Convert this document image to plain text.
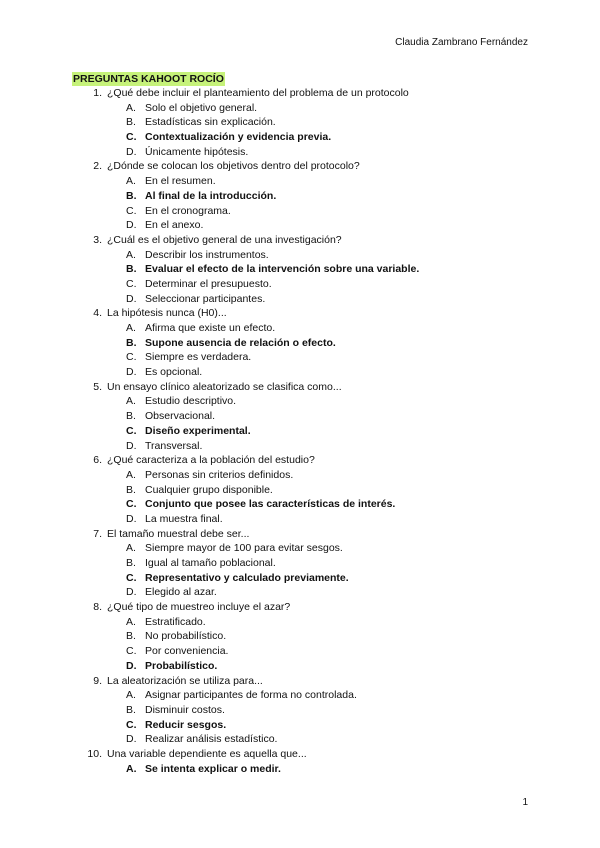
Claudia Zambrano Fernández
PREGUNTAS KAHOOT ROCÍO
1. ¿Qué debe incluir el planteamiento del problema de un protocolo
A. Solo el objetivo general.
B. Estadísticas sin explicación.
C. Contextualización y evidencia previa.
D. Únicamente hipótesis.
2. ¿Dónde se colocan los objetivos dentro del protocolo?
A. En el resumen.
B. Al final de la introducción.
C. En el cronograma.
D. En el anexo.
3. ¿Cuál es el objetivo general de una investigación?
A. Describir los instrumentos.
B. Evaluar el efecto de la intervención sobre una variable.
C. Determinar el presupuesto.
D. Seleccionar participantes.
4. La hipótesis nunca (H0)...
A. Afirma que existe un efecto.
B. Supone ausencia de relación o efecto.
C. Siempre es verdadera.
D. Es opcional.
5. Un ensayo clínico aleatorizado se clasifica como...
A. Estudio descriptivo.
B. Observacional.
C. Diseño experimental.
D. Transversal.
6. ¿Qué caracteriza a la población del estudio?
A. Personas sin criterios definidos.
B. Cualquier grupo disponible.
C. Conjunto que posee las características de interés.
D. La muestra final.
7. El tamaño muestral debe ser...
A. Siempre mayor de 100 para evitar sesgos.
B. Igual al tamaño poblacional.
C. Representativo y calculado previamente.
D. Elegido al azar.
8. ¿Qué tipo de muestreo incluye el azar?
A. Estratificado.
B. No probabilístico.
C. Por conveniencia.
D. Probabilístico.
9. La aleatorización se utiliza para...
A. Asignar participantes de forma no controlada.
B. Disminuir costos.
C. Reducir sesgos.
D. Realizar análisis estadístico.
10. Una variable dependiente es aquella que...
A. Se intenta explicar o medir.
1
